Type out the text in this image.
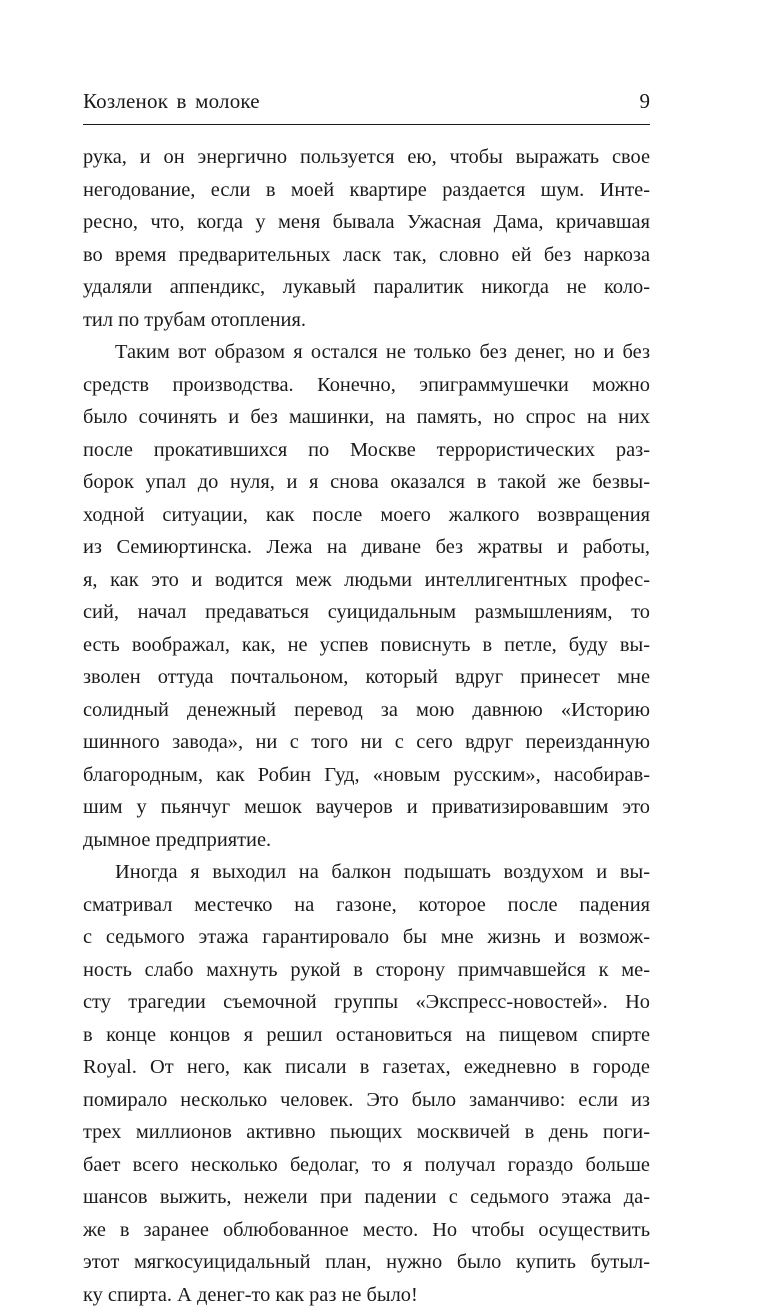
Козленок в молоке	9
рука, и он энергично пользуется ею, чтобы выражать свое
негодование, если в моей квартире раздается шум. Инте-
ресно, что, когда у меня бывала Ужасная Дама, кричавшая
во время предварительных ласк так, словно ей без наркоза
удаляли аппендикс, лукавый паралитик никогда не коло-
тил по трубам отопления.
Таким вот образом я остался не только без денег, но и без
средств производства. Конечно, эпиграммушечки можно
было сочинять и без машинки, на память, но спрос на них
после прокатившихся по Москве террористических раз-
борок упал до нуля, и я снова оказался в такой же безвы-
ходной ситуации, как после моего жалкого возвращения
из Семиюртинска. Лежа на диване без жратвы и работы,
я, как это и водится меж людьми интеллигентных профес-
сий, начал предаваться суицидальным размышлениям, то
есть воображал, как, не успев повиснуть в петле, буду вы-
зволен оттуда почтальоном, который вдруг принесет мне
солидный денежный перевод за мою давнюю «Историю
шинного завода», ни с того ни с сего вдруг переизданную
благородным, как Робин Гуд, «новым русским», насобирав-
шим у пьянчуг мешок ваучеров и приватизировавшим это
дымное предприятие.
Иногда я выходил на балкон подышать воздухом и вы-
сматривал местечко на газоне, которое после падения
с седьмого этажа гарантировало бы мне жизнь и возмож-
ность слабо махнуть рукой в сторону примчавшейся к ме-
сту трагедии съемочной группы «Экспресс-новостей». Но
в конце концов я решил остановиться на пищевом спирте
Royal. От него, как писали в газетах, ежедневно в городе
помирало несколько человек. Это было заманчиво: если из
трех миллионов активно пьющих москвичей в день поги-
бает всего несколько бедолаг, то я получал гораздо больше
шансов выжить, нежели при падении с седьмого этажа да-
же в заранее облюбованное место. Но чтобы осуществить
этот мягкосуицидальный план, нужно было купить бутыл-
ку спирта. А денег-то как раз не было!
